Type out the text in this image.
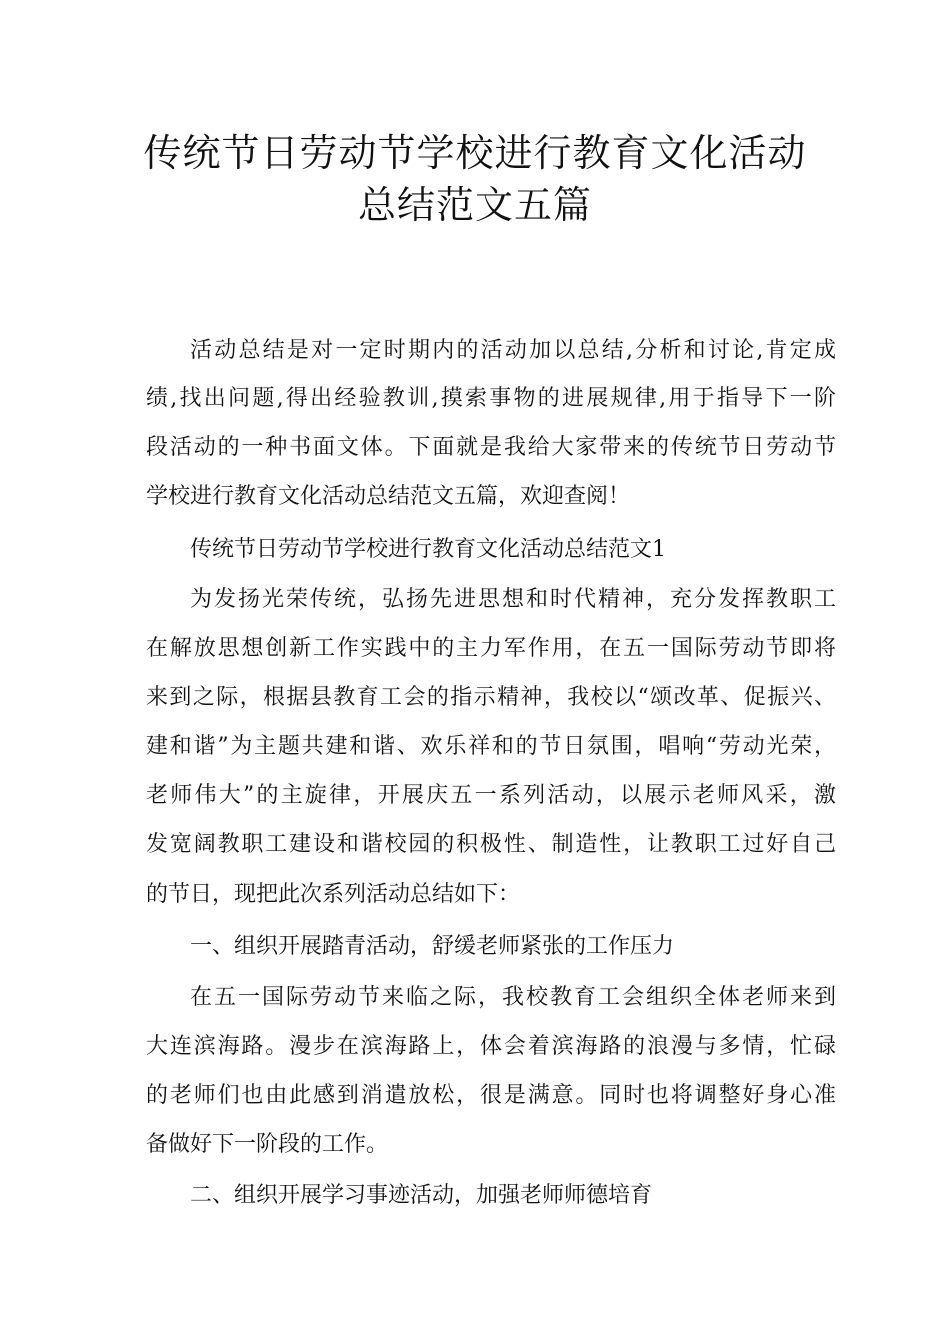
传统节日劳动节学校进行教育文化活动
总结范文五篇

活动总结是对一定时期内的活动加以总结,分析和讨论,肯定成

绩,找出问题,得出经验教训,摸索事物的进展规律,用于指导下一阶

段活动的一种书面文体。下面就是我给大家带来的传统节日劳动节

学校进行教育文化活动总结范文五篇，欢迎查阅！

传统节日劳动节学校进行教育文化活动总结范文1

为发扬光荣传统，弘扬先进思想和时代精神，充分发挥教职工

在解放思想创新工作实践中的主力军作用，在五一国际劳动节即将

来到之际，根据县教育工会的指示精神，我校以“颂改革、促振兴、

建和谐”为主题共建和谐、欢乐祥和的节日氛围，唱响“劳动光荣，

老师伟大”的主旋律，开展庆五一系列活动，以展示老师风采，激

发宽阔教职工建设和谐校园的积极性、制造性，让教职工过好自己

的节日，现把此次系列活动总结如下：

一、组织开展踏青活动，舒缓老师紧张的工作压力

在五一国际劳动节来临之际，我校教育工会组织全体老师来到

大连滨海路。漫步在滨海路上，体会着滨海路的浪漫与多情，忙碌

的老师们也由此感到消遣放松，很是满意。同时也将调整好身心准

备做好下一阶段的工作。

二、组织开展学习事迹活动，加强老师师德培育
